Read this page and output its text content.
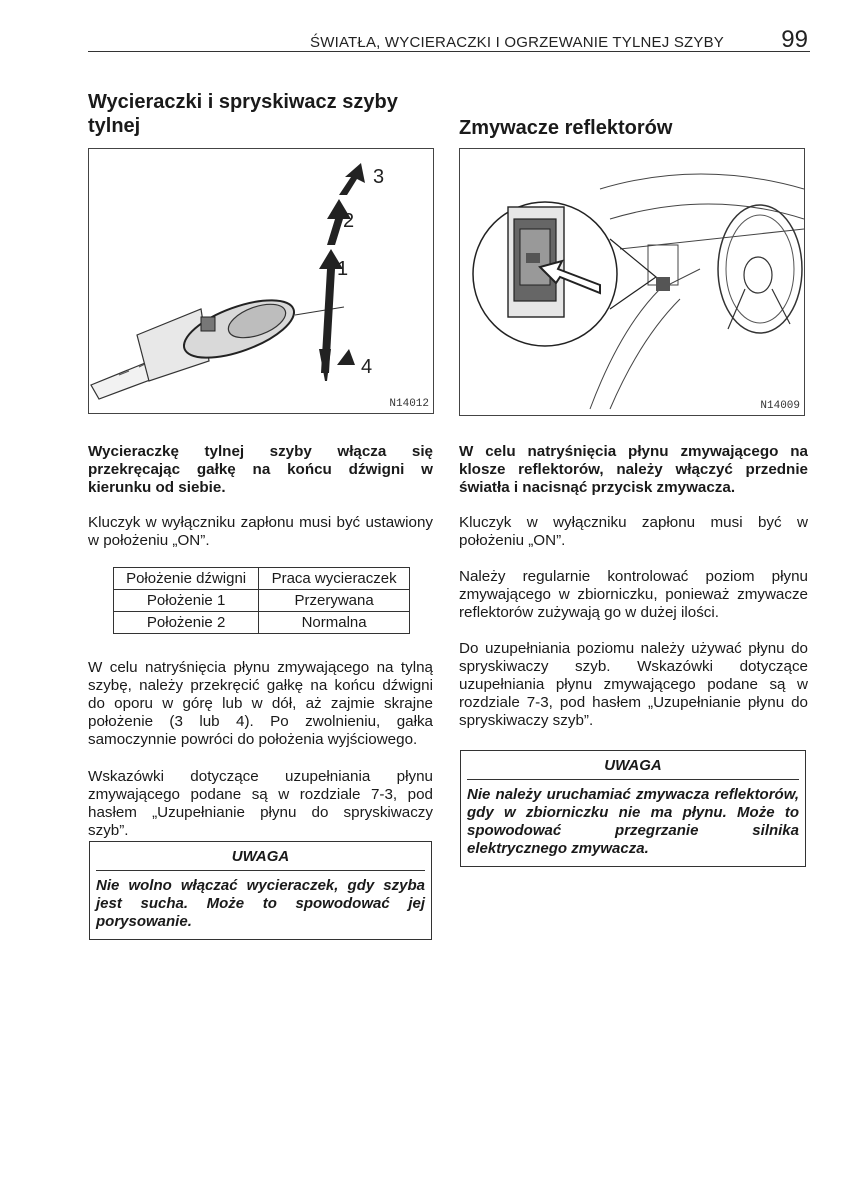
ŚWIATŁA, WYCIERACZKI I OGRZEWANIE TYLNEJ SZYBY 99
Wycieraczki i spryskiwacz szyby
tylnej
3
2
1
4
N14012

Wycieraczkę tylnej szyby włącza się przekręcając gałkę na końcu dźwigni w kierunku od siebie.

Kluczyk w wyłączniku zapłonu musi być ustawiony w położeniu „ON”.

Położenie dźwigni	Praca wycieraczek
Położenie 1	Przerywana
Położenie 2	Normalna

W celu natryśnięcia płynu zmywającego na tylną szybę, należy przekręcić gałkę na końcu dźwigni do oporu w górę lub w dół, aż zajmie skrajne położenie (3 lub 4). Po zwolnieniu, gałka samoczynnie powróci do położenia wyjściowego.

Wskazówki dotyczące uzupełniania płynu zmywającego podane są w rozdziale 7-3, pod hasłem „Uzupełnianie płynu do spryskiwaczy szyb”.

UWAGA
Nie wolno włączać wycieraczek, gdy szyba jest sucha. Może to spowodować jej porysowanie.
Zmywacze reflektorów
N14009

W celu natryśnięcia płynu zmywającego na klosze reflektorów, należy włączyć przednie światła i nacisnąć przycisk zmywacza.

Kluczyk w wyłączniku zapłonu musi być w położeniu „ON”.

Należy regularnie kontrolować poziom płynu zmywającego w zbiorniczku, ponieważ zmywacze reflektorów zużywają go w dużej ilości.

Do uzupełniania poziomu należy używać płynu do spryskiwaczy szyb. Wskazówki dotyczące uzupełniania płynu zmywającego podane są w rozdziale 7-3, pod hasłem „Uzupełnianie płynu do spryskiwaczy szyb”.

UWAGA
Nie należy uruchamiać zmywacza reflektorów, gdy w zbiorniczku nie ma płynu. Może to spowodować przegrzanie silnika elektrycznego zmywacza.
